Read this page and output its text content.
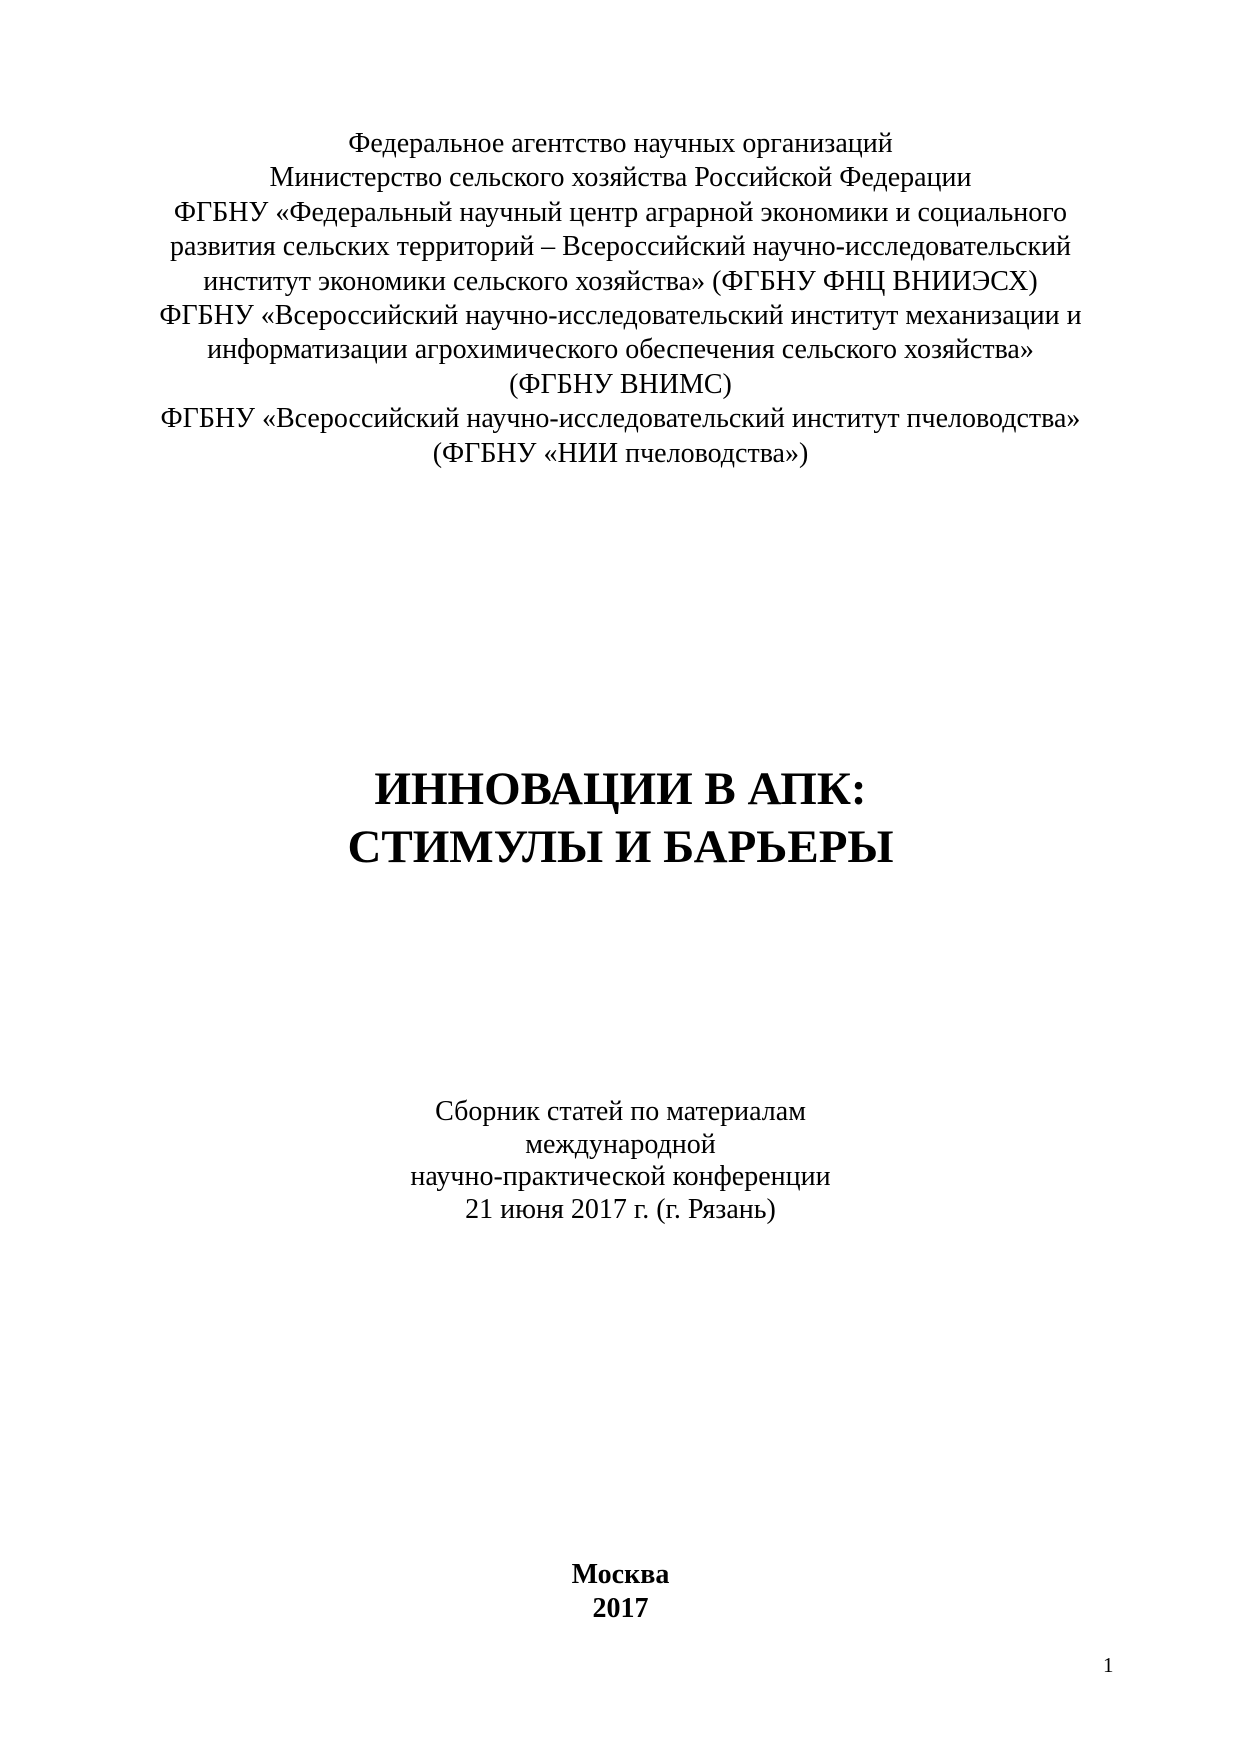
Федеральное агентство научных организаций
Министерство сельского хозяйства Российской Федерации
ФГБНУ «Федеральный научный центр аграрной экономики и социального
развития сельских территорий – Всероссийский научно-исследовательский
институт экономики сельского хозяйства» (ФГБНУ ФНЦ ВНИИЭСХ)
ФГБНУ «Всероссийский научно-исследовательский институт механизации и
информатизации агрохимического обеспечения сельского хозяйства»
(ФГБНУ ВНИМС)
ФГБНУ «Всероссийский научно-исследовательский институт пчеловодства»
(ФГБНУ «НИИ пчеловодства»)
ИННОВАЦИИ В АПК:
СТИМУЛЫ И БАРЬЕРЫ
Сборник статей по материалам
международной
научно-практической конференции
21 июня 2017 г. (г. Рязань)
Москва
2017
1
